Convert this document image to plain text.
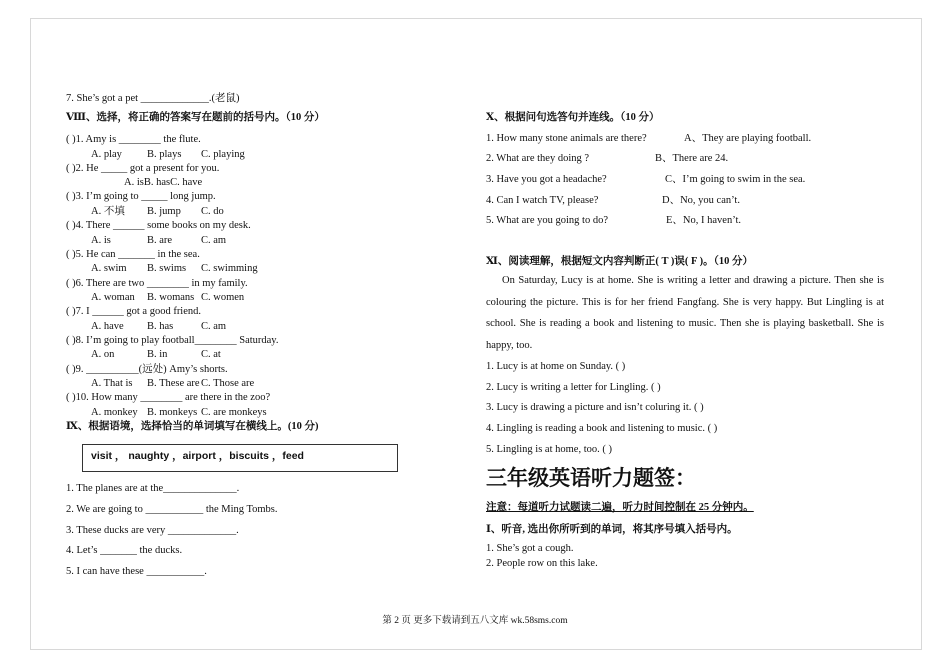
7. She’s got a pet _____________.(老鼠)
Ⅷ、选择，将正确的答案写在题前的括号内。（10 分）
( )1. Amy is ________ the flute.
A. play B. plays C. playing
( )2. He _____ got a present for you.
A. isB. hasC. have
( )3. I’m going to _____ long jump.
A. 不填 B. jump C. do
( )4. There ______ some books on my desk.
A. is	B. are	C. am
( )5. He can _______ in the sea.
A. swim B. swims C. swimming
( )6. There are two ________ in my family.
A. woman B. womans C. women
( )7. I ______ got a good friend.
A. have B. has	C. am
( )8. I’m going to play football________ Saturday.
A. on	B. in	C. at
( )9. __________(远处) Amy’s shorts.
A. That is B. These areC. Those are
( )10. How many ________ are there in the zoo?
A. monkey B. monkeys C. are monkeys
Ⅸ、根据语境，选择恰当的单词填写在横线上。(10 分)
visit ， naughty ，airport ，biscuits ，feed
1. The planes are at the______________.
2. We are going to ___________ the Ming Tombs.
3. These ducks are very _____________.
4. Let’s _______ the ducks.
5. I can have these ___________.
Ⅹ、根据问句选答句并连线。（10 分）
1. How many stone animals are there?	A、They are playing football.
2. What are they doing ?	B、There are 24.
3. Have you got a headache?	C、I’m going to swim in the sea.
4. Can I watch TV, please?	D、No, you can’t.
5. What are you going to do?	E、No, I haven’t.
Ⅺ、阅读理解，根据短文内容判断正( T )误( F )。（10 分）
On Saturday, Lucy is at home. She is writing a letter and drawing a picture. Then she is colouring the picture. This is for her friend Fangfang. She is very happy. But Lingling is at school. She is reading a book and listening to music. Then she is playing basketball. She is happy, too.
1. Lucy is at home on Sunday. ( )
2. Lucy is writing a letter for Lingling. ( )
3. Lucy is drawing a picture and isn’t coluring it. ( )
4. Lingling is reading a book and listening to music. ( )
5. Lingling is at home, too. ( )
三年级英语听力题签：
注意：每道听力试题读二遍，听力时间控制在 25 分钟内。
Ⅰ、听音, 选出你所听到的单词，将其序号填入括号内。
1. She’s got a cough.
2. People row on this lake.
第 2 页 更多下载请到五八文库 wk.58sms.com
